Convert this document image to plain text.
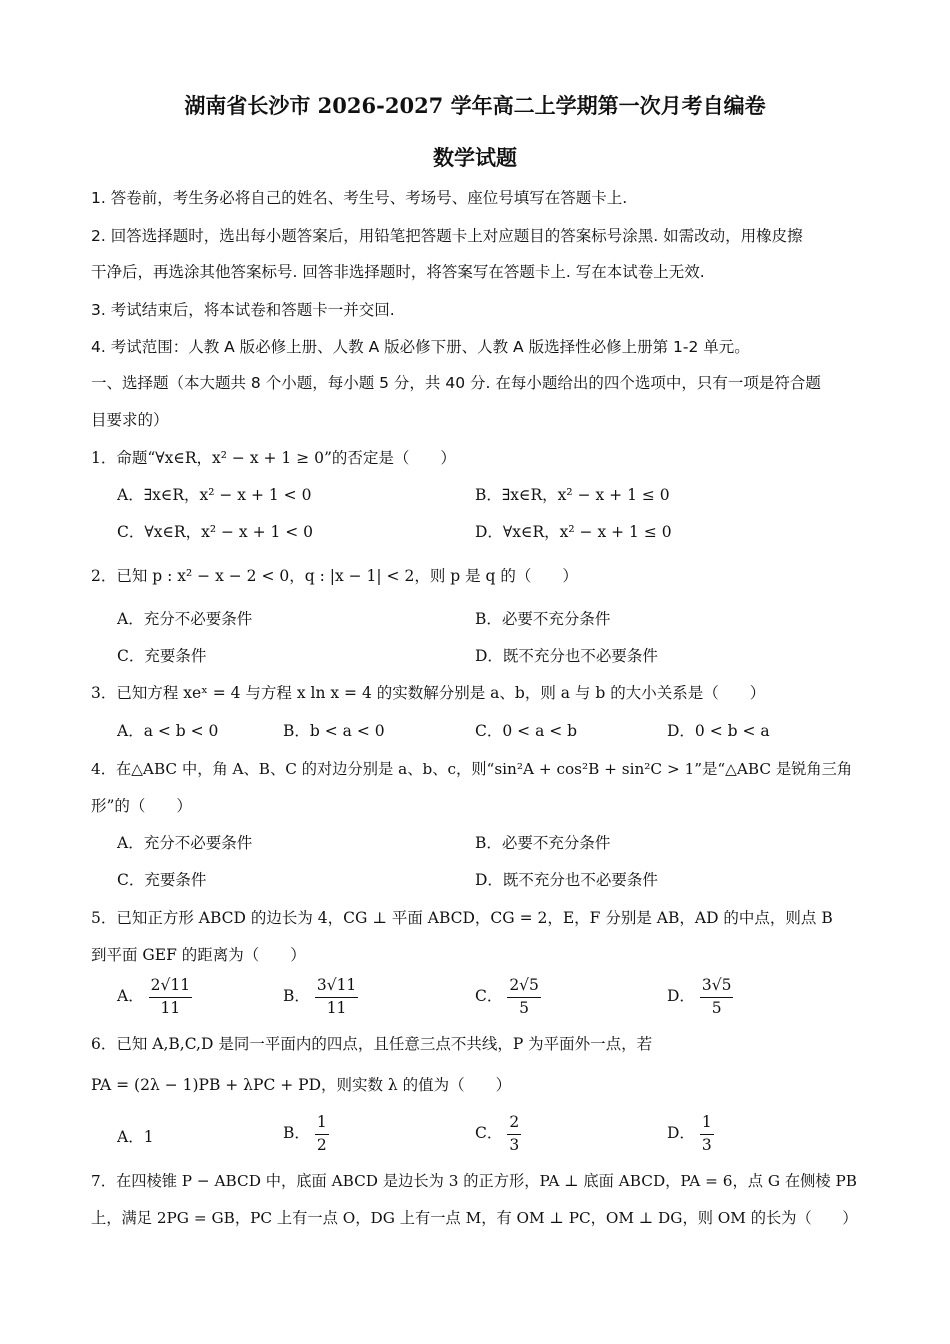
湖南省长沙市 2026-2027 学年高二上学期第一次月考自编卷
数学试题
1. 答卷前，考生务必将自己的姓名、考生号、考场号、座位号填写在答题卡上.
2. 回答选择题时，选出每小题答案后，用铅笔把答题卡上对应题目的答案标号涂黑. 如需改动，用橡皮擦
干净后，再选涂其他答案标号. 回答非选择题时，将答案写在答题卡上. 写在本试卷上无效.
3. 考试结束后，将本试卷和答题卡一并交回.
4. 考试范围：人教 A 版必修上册、人教 A 版必修下册、人教 A 版选择性必修上册第 1-2 单元。
一、选择题（本大题共 8 个小题，每小题 5 分，共 40 分. 在每小题给出的四个选项中，只有一项是符合题
目要求的）
1．命题“∀x∈R，x² − x + 1 ≥ 0”的否定是（　　）
A．∃x∈R，x² − x + 1 < 0	B．∃x∈R，x² − x + 1 ≤ 0
C．∀x∈R，x² − x + 1 < 0	D．∀x∈R，x² − x + 1 ≤ 0
2．已知 p : x² − x − 2 < 0，q : |x − 1| < 2，则 p 是 q 的（　　）
A．充分不必要条件	B．必要不充分条件
C．充要条件	D．既不充分也不必要条件
3．已知方程 xeˣ = 4 与方程 x ln x = 4 的实数解分别是 a、b，则 a 与 b 的大小关系是（　　）
A．a < b < 0	B．b < a < 0	C．0 < a < b	D．0 < b < a
4．在△ABC 中，角 A、B、C 的对边分别是 a、b、c，则“sin²A + cos²B + sin²C > 1”是“△ABC 是锐角三角
形”的（　　）
A．充分不必要条件	B．必要不充分条件
C．充要条件	D．既不充分也不必要条件
5．已知正方形 ABCD 的边长为 4，CG ⊥ 平面 ABCD，CG = 2，E，F 分别是 AB，AD 的中点，则点 B
到平面 GEF 的距离为（　　）
A． $\frac{2√11}{11}$	B． $\frac{3√11}{11}$	C． $\frac{2√5}{5}$	D． $\frac{3√5}{5}$
6．已知 A,B,C,D 是同一平面内的四点，且任意三点不共线，P 为平面外一点，若
PA = (2λ − 1)PB + λPC + PD，则实数 λ 的值为（　　）
A．1	B． $\frac{1}{2}$	C． $\frac{2}{3}$	D． $\frac{1}{3}$
7．在四棱锥 P − ABCD 中，底面 ABCD 是边长为 3 的正方形，PA ⊥ 底面 ABCD，PA = 6，点 G 在侧棱 PB
上，满足 2PG = GB，PC 上有一点 O，DG 上有一点 M，有 OM ⊥ PC，OM ⊥ DG，则 OM 的长为（　　）
